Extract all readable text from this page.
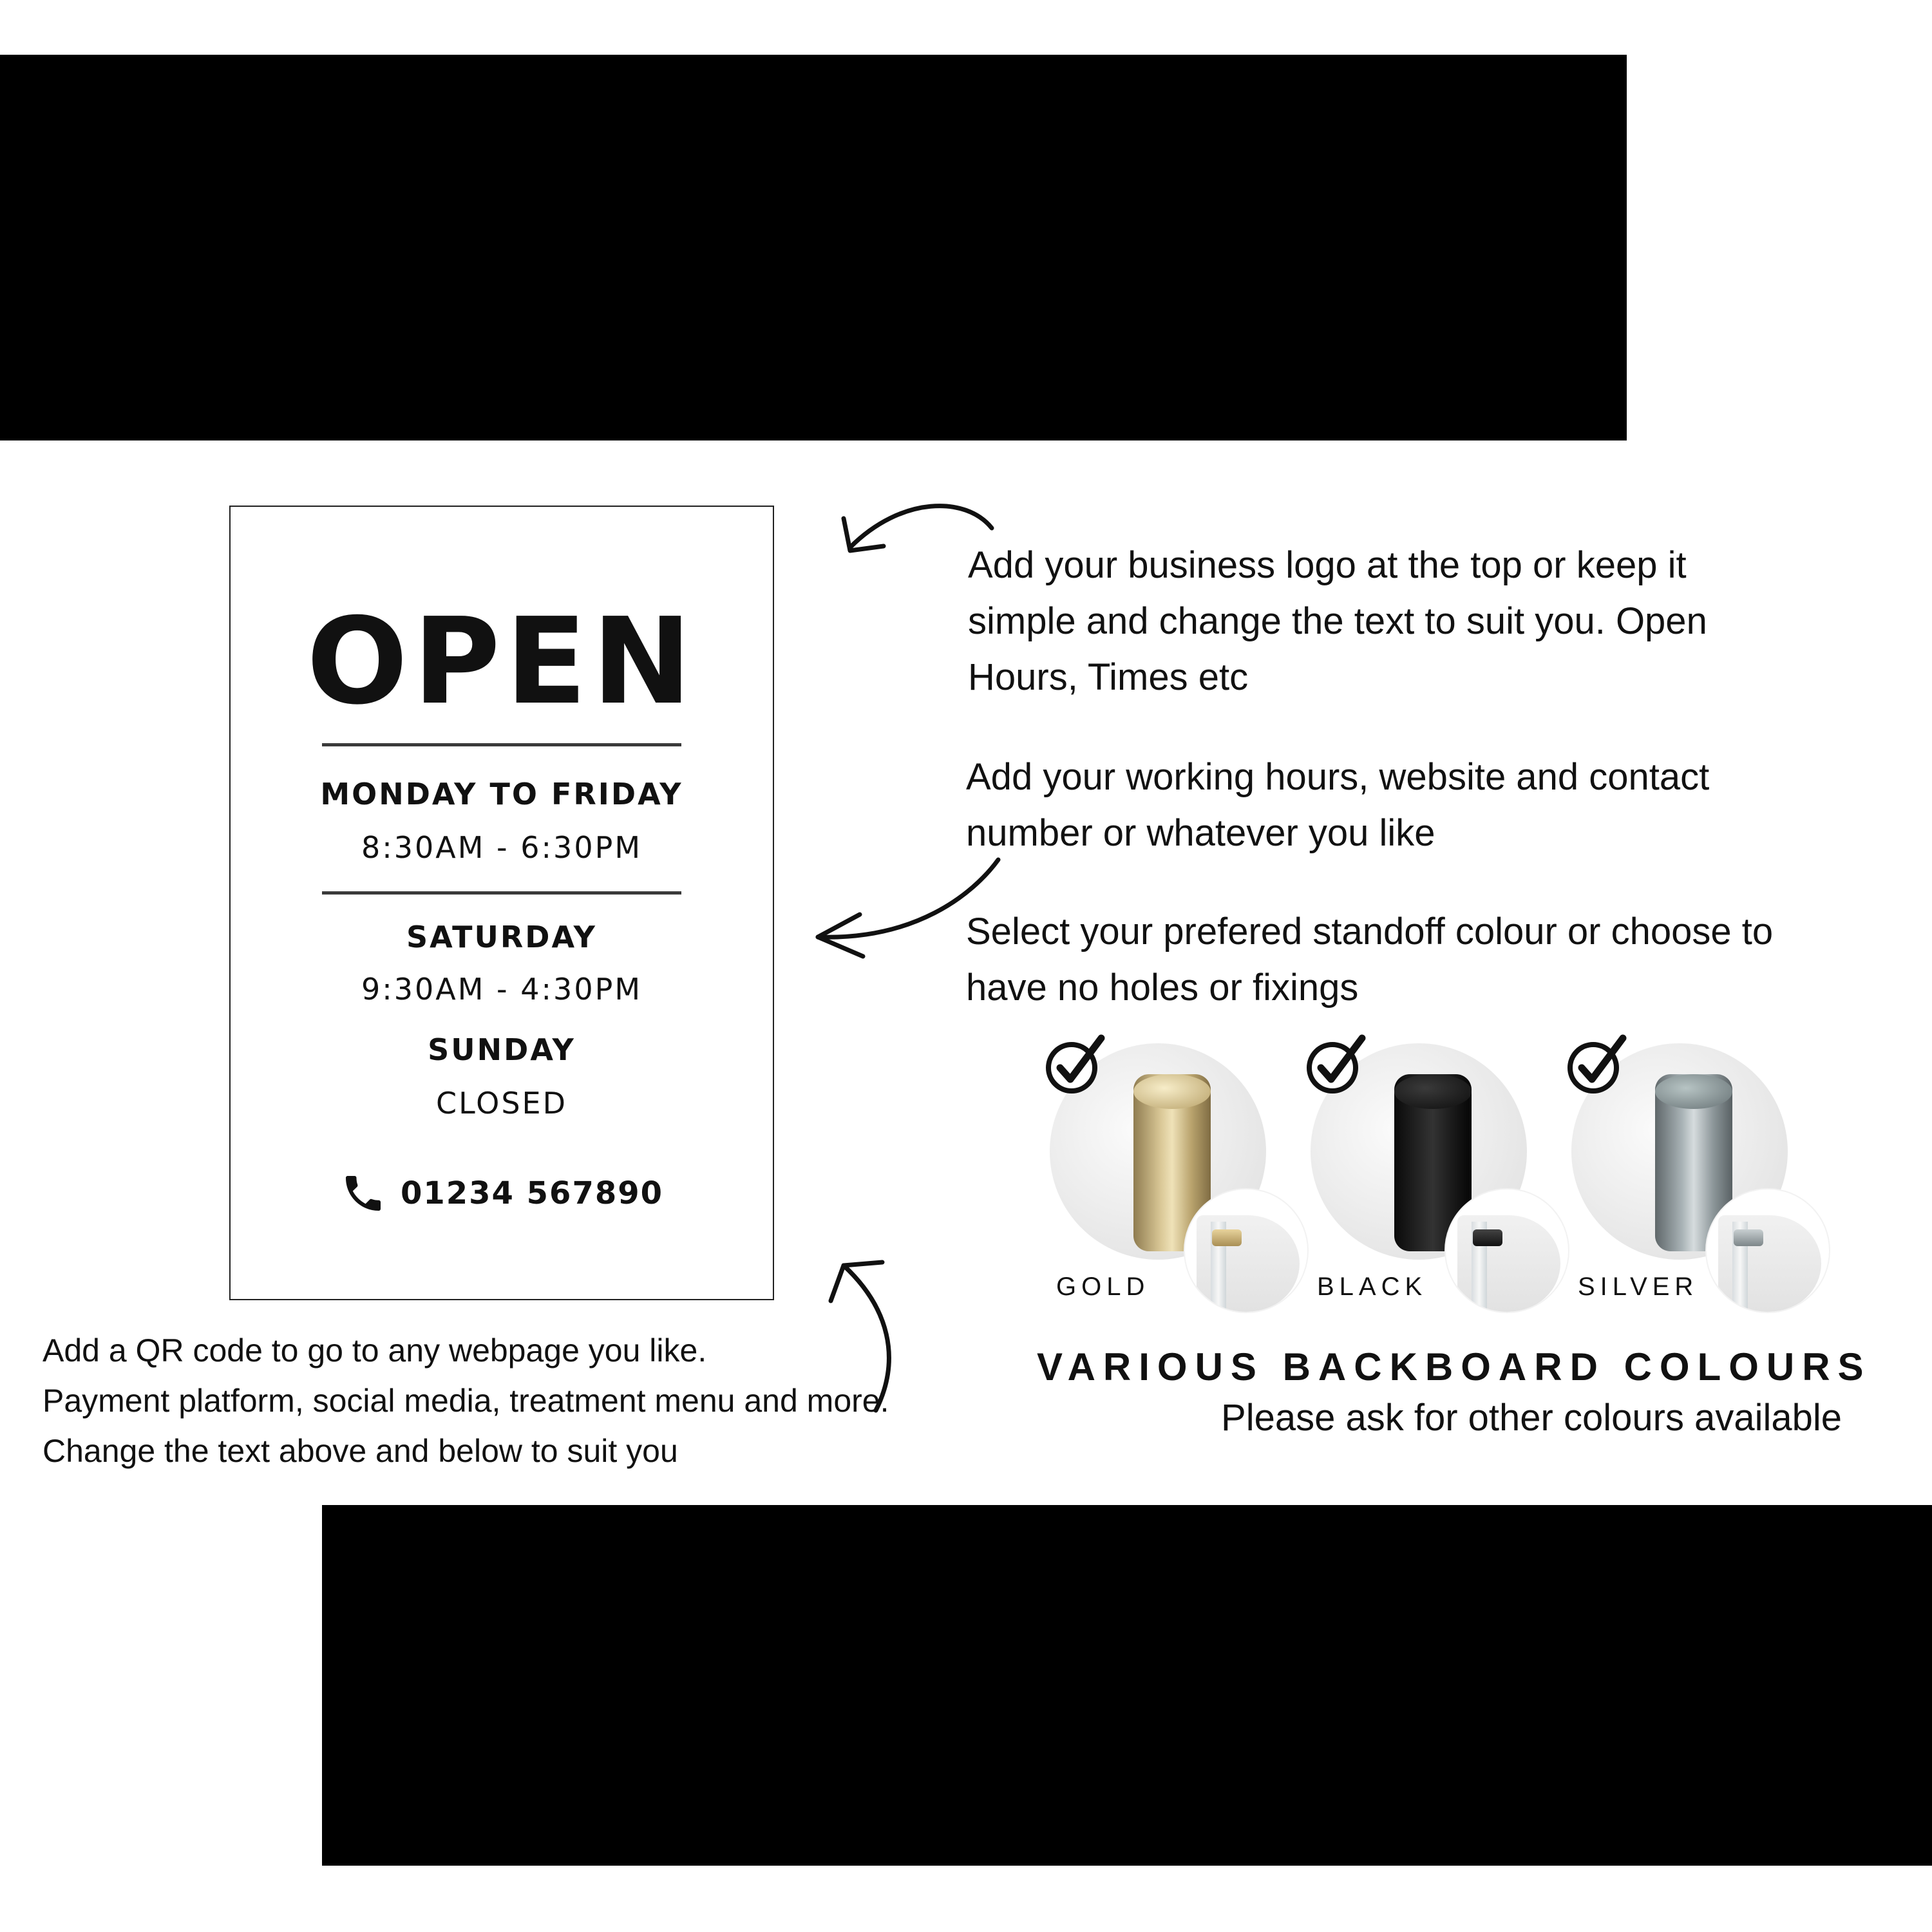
OPEN
MONDAY TO FRIDAY
8:30AM - 6:30PM
SATURDAY
9:30AM - 4:30PM
SUNDAY
CLOSED
01234 567890

Add your business logo at the top or keep it
simple and change the text to suit you. Open
Hours, Times etc

Add your working hours, website and contact
number or whatever you like

Select your prefered standoff colour or choose to
have no holes or fixings

Add a QR code to go to any webpage you like.
Payment platform, social media, treatment menu and more.
Change the text above and below to suit you

GOLD	BLACK	SILVER
VARIOUS BACKBOARD COLOURS
Please ask for other colours available
